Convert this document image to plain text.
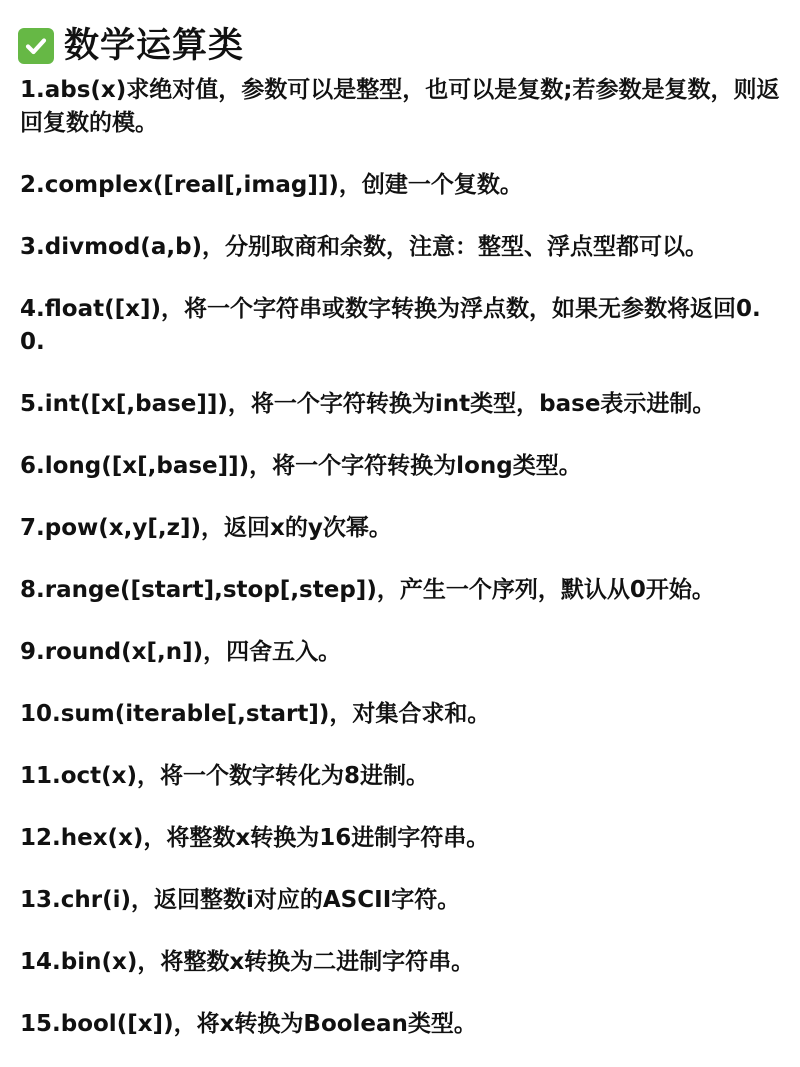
数学运算类

1.abs(x)求绝对值，参数可以是整型，也可以是复数;若参数是复数，则返回复数的模。

2.complex([real[,imag]])，创建一个复数。

3.divmod(a,b)，分别取商和余数，注意：整型、浮点型都可以。

4.float([x])，将一个字符串或数字转换为浮点数，如果无参数将返回0.0.

5.int([x[,base]])，将一个字符转换为int类型，base表示进制。

6.long([x[,base]])，将一个字符转换为long类型。

7.pow(x,y[,z])，返回x的y次幂。

8.range([start],stop[,step])，产生一个序列，默认从0开始。

9.round(x[,n])，四舍五入。

10.sum(iterable[,start])，对集合求和。

11.oct(x)，将一个数字转化为8进制。

12.hex(x)，将整数x转换为16进制字符串。

13.chr(i)，返回整数i对应的ASCII字符。

14.bin(x)，将整数x转换为二进制字符串。

15.bool([x])，将x转换为Boolean类型。
